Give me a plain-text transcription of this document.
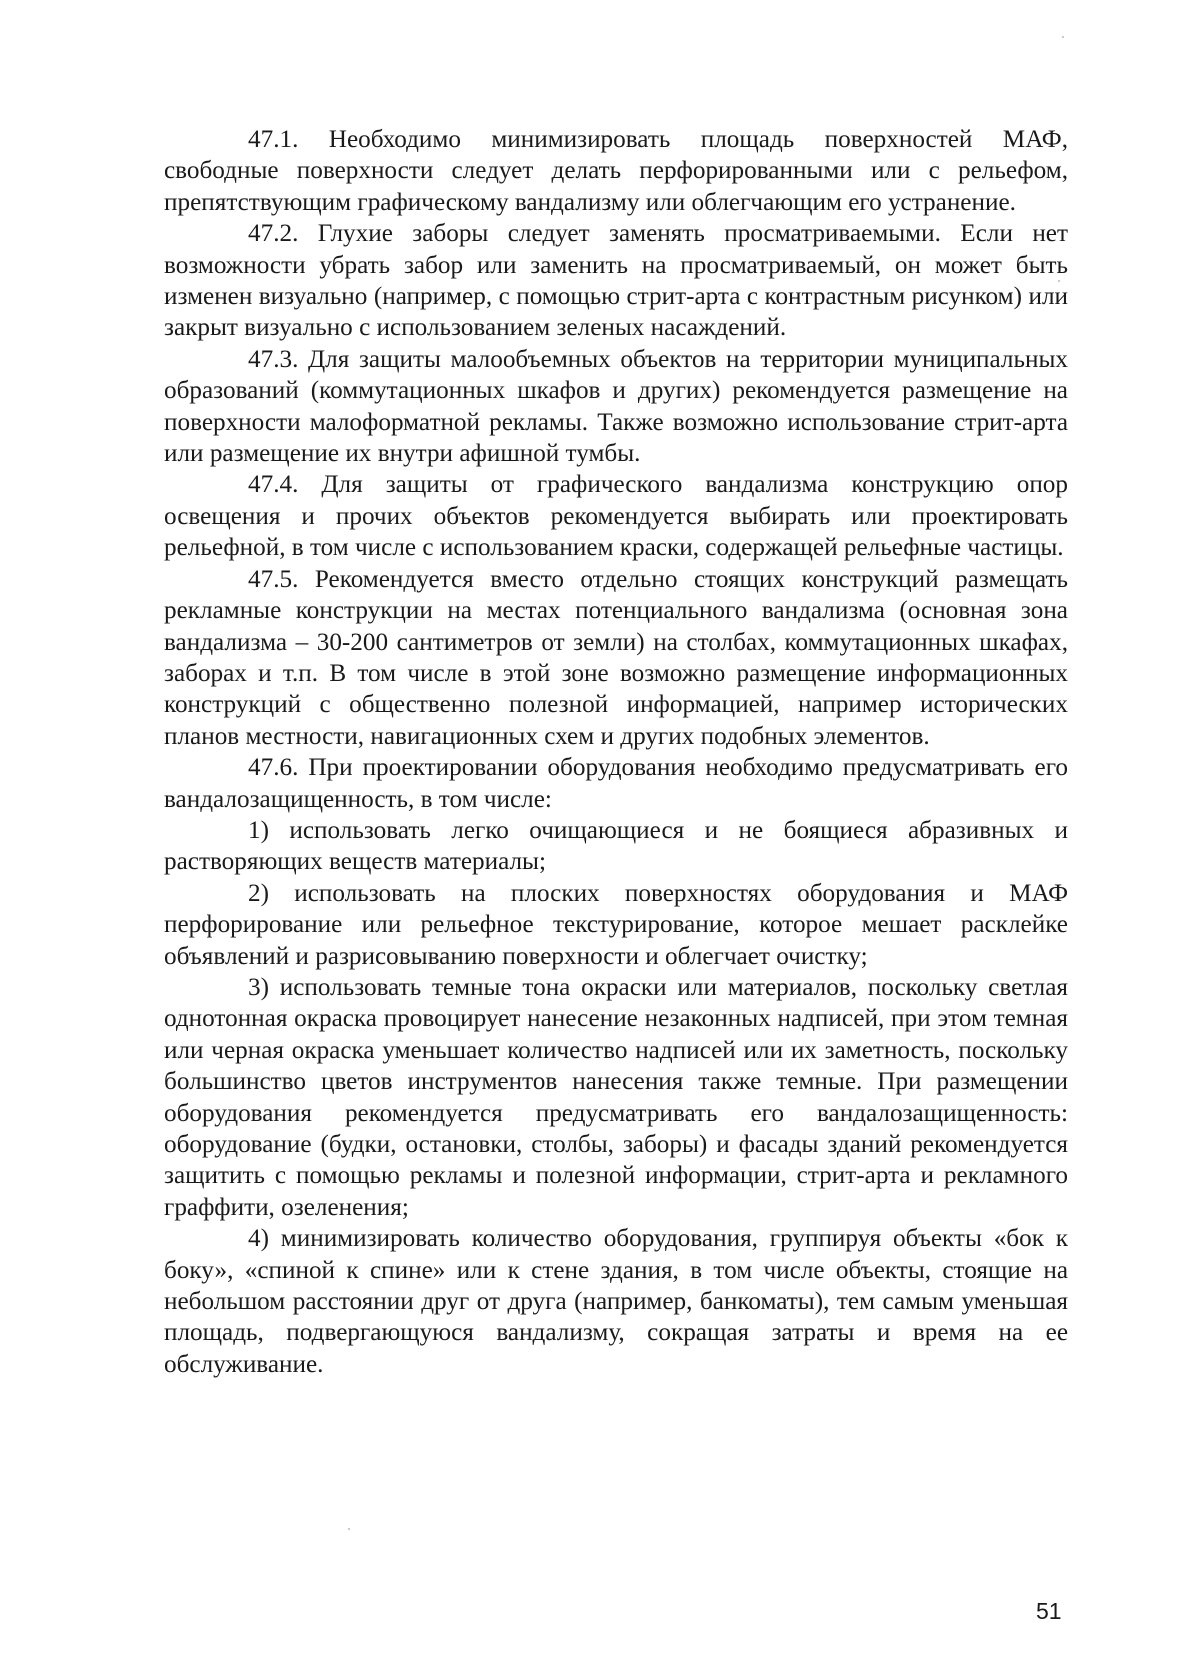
47.1. Необходимо минимизировать площадь поверхностей МАФ, свободные поверхности следует делать перфорированными или с рельефом, препятствующим графическому вандализму или облегчающим его устранение.

47.2. Глухие заборы следует заменять просматриваемыми. Если нет возможности убрать забор или заменить на просматриваемый, он может быть изменен визуально (например, с помощью стрит-арта с контрастным рисунком) или закрыт визуально с использованием зеленых насаждений.

47.3. Для защиты малообъемных объектов на территории муниципальных образований (коммутационных шкафов и других) рекомендуется размещение на поверхности малоформатной рекламы. Также возможно использование стрит-арта или размещение их внутри афишной тумбы.

47.4. Для защиты от графического вандализма конструкцию опор освещения и прочих объектов рекомендуется выбирать или проектировать рельефной, в том числе с использованием краски, содержащей рельефные частицы.

47.5. Рекомендуется вместо отдельно стоящих конструкций размещать рекламные конструкции на местах потенциального вандализма (основная зона вандализма – 30-200 сантиметров от земли) на столбах, коммутационных шкафах, заборах и т.п. В том числе в этой зоне возможно размещение информационных конструкций с общественно полезной информацией, например исторических планов местности, навигационных схем и других подобных элементов.

47.6. При проектировании оборудования необходимо предусматривать его вандалозащищенность, в том числе:

1) использовать легко очищающиеся и не боящиеся абразивных и растворяющих веществ материалы;

2) использовать на плоских поверхностях оборудования и МАФ перфорирование или рельефное текстурирование, которое мешает расклейке объявлений и разрисовыванию поверхности и облегчает очистку;

3) использовать темные тона окраски или материалов, поскольку светлая однотонная окраска провоцирует нанесение незаконных надписей, при этом темная или черная окраска уменьшает количество надписей или их заметность, поскольку большинство цветов инструментов нанесения также темные. При размещении оборудования рекомендуется предусматривать его вандалозащищенность: оборудование (будки, остановки, столбы, заборы) и фасады зданий рекомендуется защитить с помощью рекламы и полезной информации, стрит-арта и рекламного граффити, озеленения;

4) минимизировать количество оборудования, группируя объекты «бок к боку», «спиной к спине» или к стене здания, в том числе объекты, стоящие на небольшом расстоянии друг от друга (например, банкоматы), тем самым уменьшая площадь, подвергающуюся вандализму, сокращая затраты и время на ее обслуживание.

51
